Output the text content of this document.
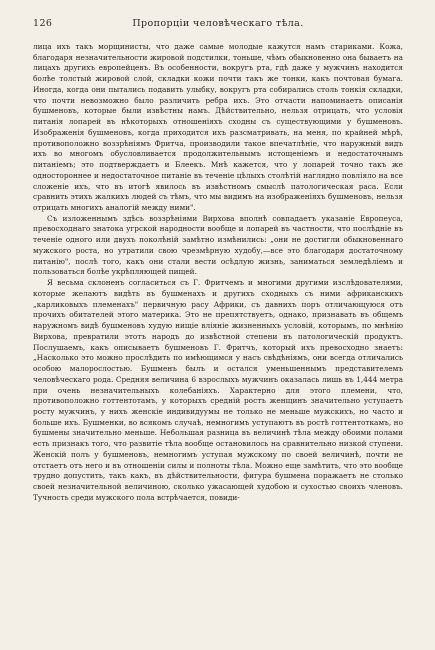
126	Пропорціи человѣческаго тѣла.

лица ихъ такъ морщинисты, что даже самые молодые кажутся намъ стариками. Кожа, благодаря незначительности жировой подстилки, тоньше, чѣмъ обыкновенно она бываетъ на лицахъ другихъ европейцевъ. Въ особенности, вокругъ рта, гдѣ даже у мужчинъ находится болѣе толстый жировой слой, складки кожи почти такъ же тонки, какъ почтовая бумага. Иногда, когда они пытались подавить улыбку, вокругъ рта собирались столь тонкія складки, что почти невозможно было различить ребра ихъ. Это отчасти напоминаетъ описанія бушменовъ, которые были извѣстны намъ. Дѣйствительно, нельзя отрицать, что условія питанія лопарей въ нѣкоторыхъ отношеніяхъ сходны съ существующими у бушменовъ. Изображенія бушменовъ, когда приходится ихъ разсматривать, на меня, по крайней мѣрѣ, противоположно воззрѣніямъ Фритча, производили такое впечатлѣніе, что наружный видъ ихъ во многомъ обусловливается продолжительнымъ истощеніемъ и недостаточнымъ питаніемъ; это подтверждаетъ и Блеекъ. Мнѣ кажется, что у лопарей точно такъ же одностороннее и недостаточное питаніе въ теченіе цѣлыхъ столѣтій наглядно повліяло на все сложеніе ихъ, что въ итогѣ явилось въ извѣстномъ смыслѣ патологическая раса. Если сравнить этихъ жалкихъ людей съ тѣмъ, что мы видимъ на изображеніяхъ бушменовъ, нельзя отрицать многихъ аналогій между ними".

Съ изложеннымъ здѣсь воззрѣніями Вирхова вполнѣ совпадаетъ указаніе Европеуса, превосходнаго знатока угрской народности вообще и лопарей въ частности, что послѣдніе въ теченіе одного или двухъ поколѣній замѣтно измѣнились: „они не достигли обыкновеннаго мужского роста, но утратили свою чрезмѣрную худобу,—все это благодаря достаточному питанію", послѣ того, какъ они стали вести осѣдлую жизнь, заниматься земледѣліемъ и пользоваться болѣе укрѣпляющей пищей.

Я весьма склоненъ согласиться съ Г. Фритчемъ и многими другими изслѣдователями, которые желаютъ видѣть въ бушменахъ и другихъ сходныхъ съ ними африканскихъ „карликовыхъ племенахъ" первичную расу Африки, съ давнихъ поръ отличающуюся отъ прочихъ обитателей этого материка. Это не препятствуетъ, однако, признавать въ общемъ наружномъ видѣ бушменовъ худую нищіе вліяніе жизненныхъ условій, которымъ, по мнѣнію Вирхова, превратили этотъ народъ до извѣстной степени въ патологическій продуктъ. Послушаемъ, какъ описываетъ бушменовъ Г. Фритчъ, который ихъ превосходно знаетъ: „Насколько это можно прослѣдить по имѣющимся у насъ свѣдѣніямъ, они всегда отличались особою малорослостью. Бушменъ былъ и остался уменьшеннымъ представителемъ человѣческаго рода. Средняя величина 6 взрослыхъ мужчинъ оказалась лишь въ 1,444 метра при очень незначительныхъ колебаніяхъ. Характерно для этого племени, что, противоположно готтентотамъ, у которыхъ средній ростъ женщинъ значительно уступаетъ росту мужчинъ, у нихъ женскіе индивидуумы не только не меньше мужскихъ, но часто и больше ихъ. Бушменки, во всякомъ случаѣ, немногимъ уступаютъ въ ростѣ готтентоткамъ, но бушмены значительно меньше. Небольшая разница въ величинѣ тѣла между обоими полами есть признакъ того, что развитіе тѣла вообще остановилось на сравнительно низкой ступени. Женскій полъ у бушменовъ, немногимъ уступая мужскому по своей величинѣ, почти не отстаетъ отъ него и въ отношеніи силы и полноты тѣла. Можно еще замѣтить, что это вообще трудно допустить, такъ какъ, въ дѣйствительности, фигура бушмена поражаетъ не столько своей незначительной величиною, сколько ужасающей худобою и сухостью своихъ членовъ. Тучность среди мужского пола встрѣчается, повиди-
